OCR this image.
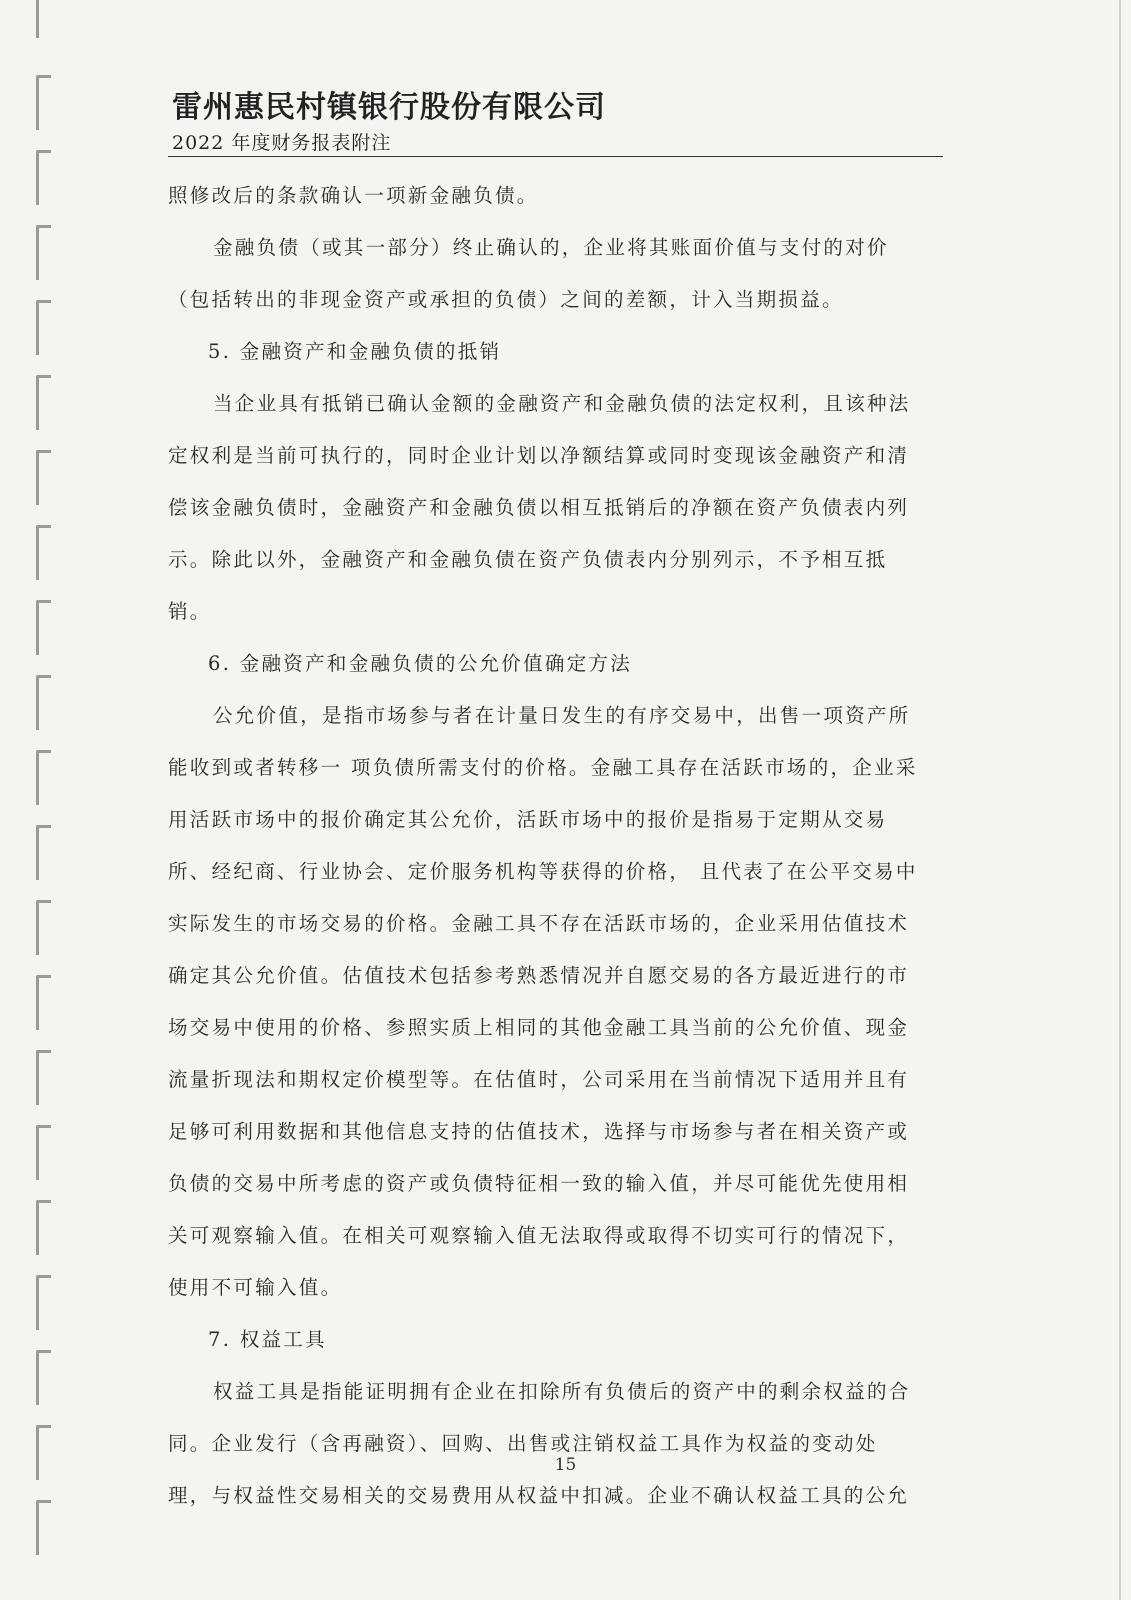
雷州惠民村镇银行股份有限公司
2022 年度财务报表附注
照修改后的条款确认一项新金融负债。
金融负债（或其一部分）终止确认的，企业将其账面价值与支付的对价
（包括转出的非现金资产或承担的负债）之间的差额，计入当期损益。
5. 金融资产和金融负债的抵销
当企业具有抵销已确认金额的金融资产和金融负债的法定权利，且该种法
定权利是当前可执行的，同时企业计划以净额结算或同时变现该金融资产和清
偿该金融负债时，金融资产和金融负债以相互抵销后的净额在资产负债表内列
示。除此以外，金融资产和金融负债在资产负债表内分别列示，不予相互抵
销。
6. 金融资产和金融负债的公允价值确定方法
公允价值，是指市场参与者在计量日发生的有序交易中，出售一项资产所
能收到或者转移一 项负债所需支付的价格。金融工具存在活跃市场的，企业采
用活跃市场中的报价确定其公允价，活跃市场中的报价是指易于定期从交易
所、经纪商、行业协会、定价服务机构等获得的价格， 且代表了在公平交易中
实际发生的市场交易的价格。金融工具不存在活跃市场的，企业采用估值技术
确定其公允价值。估值技术包括参考熟悉情况并自愿交易的各方最近进行的市
场交易中使用的价格、参照实质上相同的其他金融工具当前的公允价值、现金
流量折现法和期权定价模型等。在估值时，公司采用在当前情况下适用并且有
足够可利用数据和其他信息支持的估值技术，选择与市场参与者在相关资产或
负债的交易中所考虑的资产或负债特征相一致的输入值，并尽可能优先使用相
关可观察输入值。在相关可观察输入值无法取得或取得不切实可行的情况下，
使用不可输入值。
7. 权益工具
权益工具是指能证明拥有企业在扣除所有负债后的资产中的剩余权益的合
同。企业发行（含再融资）、回购、出售或注销权益工具作为权益的变动处
理，与权益性交易相关的交易费用从权益中扣减。企业不确认权益工具的公允
15
